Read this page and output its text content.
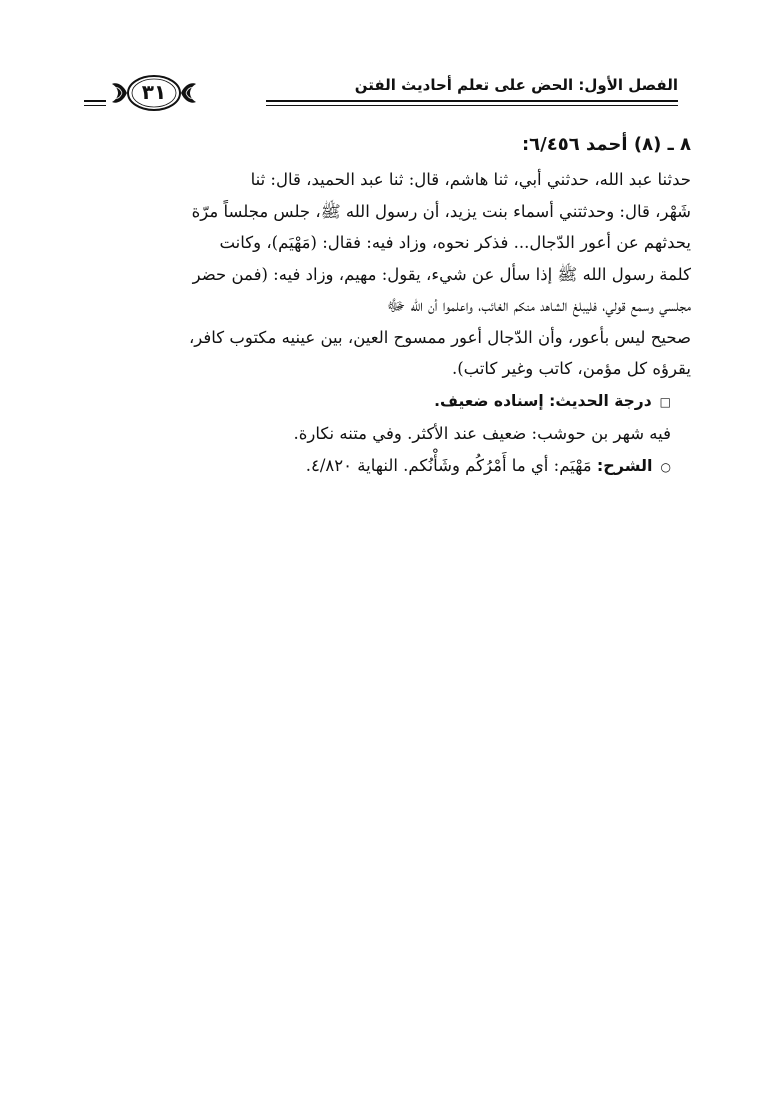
الفصل الأول: الحض على تعلم أحاديث الفتن
٣١
٨ ـ (٨) أحمد ٦/٤٥٦:
حدثنا عبد الله، حدثني أبي، ثنا هاشم، قال: ثنا عبد الحميد، قال: ثنا
شَهْر، قال: وحدثتني أسماء بنت يزيد، أن رسول الله ﷺ، جلس مجلساً مرّة
يحدثهم عن أعور الدّجال... فذكر نحوه، وزاد فيه: فقال: (مَهْيَم)، وكانت
كلمة رسول الله ﷺ إذا سأل عن شيء، يقول: مهيم، وزاد فيه: (فمن حضر
مجلسي وسمع قولي، فليبلغ الشاهد منكم الغائب، واعلموا أن الله ﷻ
صحيح ليس بأعور، وأن الدّجال أعور ممسوح العين، بين عينيه مكتوب كافر،
يقرؤه كل مؤمن، كاتب وغير كاتب).

□درجة الحديث: إسناده ضعيف.

فيه شهر بن حوشب: ضعيف عند الأكثر. وفي متنه نكارة.

○الشرح: مَهْيَم: أي ما أَمْرُكُم وشَأْنُكم. النهاية ٤/٨٢٠.
